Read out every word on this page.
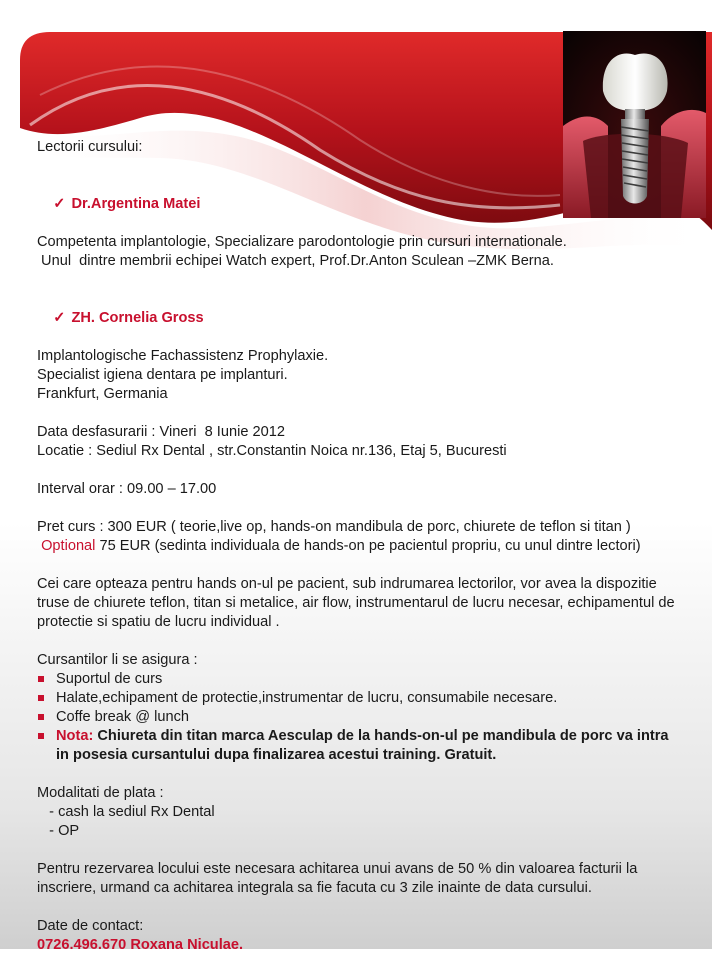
Lectorii cursului:

✓ Dr.Argentina Matei

Competenta implantologie, Specializare parodontologie prin cursuri internationale.
Unul  dintre membrii echipei Watch expert, Prof.Dr.Anton Sculean –ZMK Berna.

✓ ZH. Cornelia Gross

Implantologische Fachassistenz Prophylaxie.
Specialist igiena dentara pe implanturi.
Frankfurt, Germania
Data desfasurarii : Vineri  8 Iunie 2012
Locatie : Sediul Rx Dental , str.Constantin Noica nr.136, Etaj 5, Bucuresti
Interval orar : 09.00 – 17.00
Pret curs : 300 EUR ( teorie,live op, hands-on mandibula de porc, chiurete de teflon si titan )
Optional 75 EUR (sedinta individuala de hands-on pe pacientul propriu, cu unul dintre lectori)
Cei care opteaza pentru hands on-ul pe pacient, sub indrumarea lectorilor, vor avea la dispozitie truse de chiurete teflon, titan si metalice, air flow, instrumentarul de lucru necesar, echipamentul de protectie si spatiu de lucru individual .
Cursantilor li se asigura :
Suportul de curs
Halate,echipament de protectie,instrumentar de lucru, consumabile necesare.
Coffe break @ lunch
Nota: Chiureta din titan marca Aesculap de la hands-on-ul pe mandibula de porc va intra in posesia cursantului dupa finalizarea acestui training. Gratuit.
Modalitati de plata :
- cash la sediul Rx Dental
- OP
Pentru rezervarea locului este necesara achitarea unui avans de 50 % din valoarea facturii la inscriere, urmand ca achitarea integrala sa fie facuta cu 3 zile inainte de data cursului.
Date de contact:
0726.496.670 Roxana Niculae.
